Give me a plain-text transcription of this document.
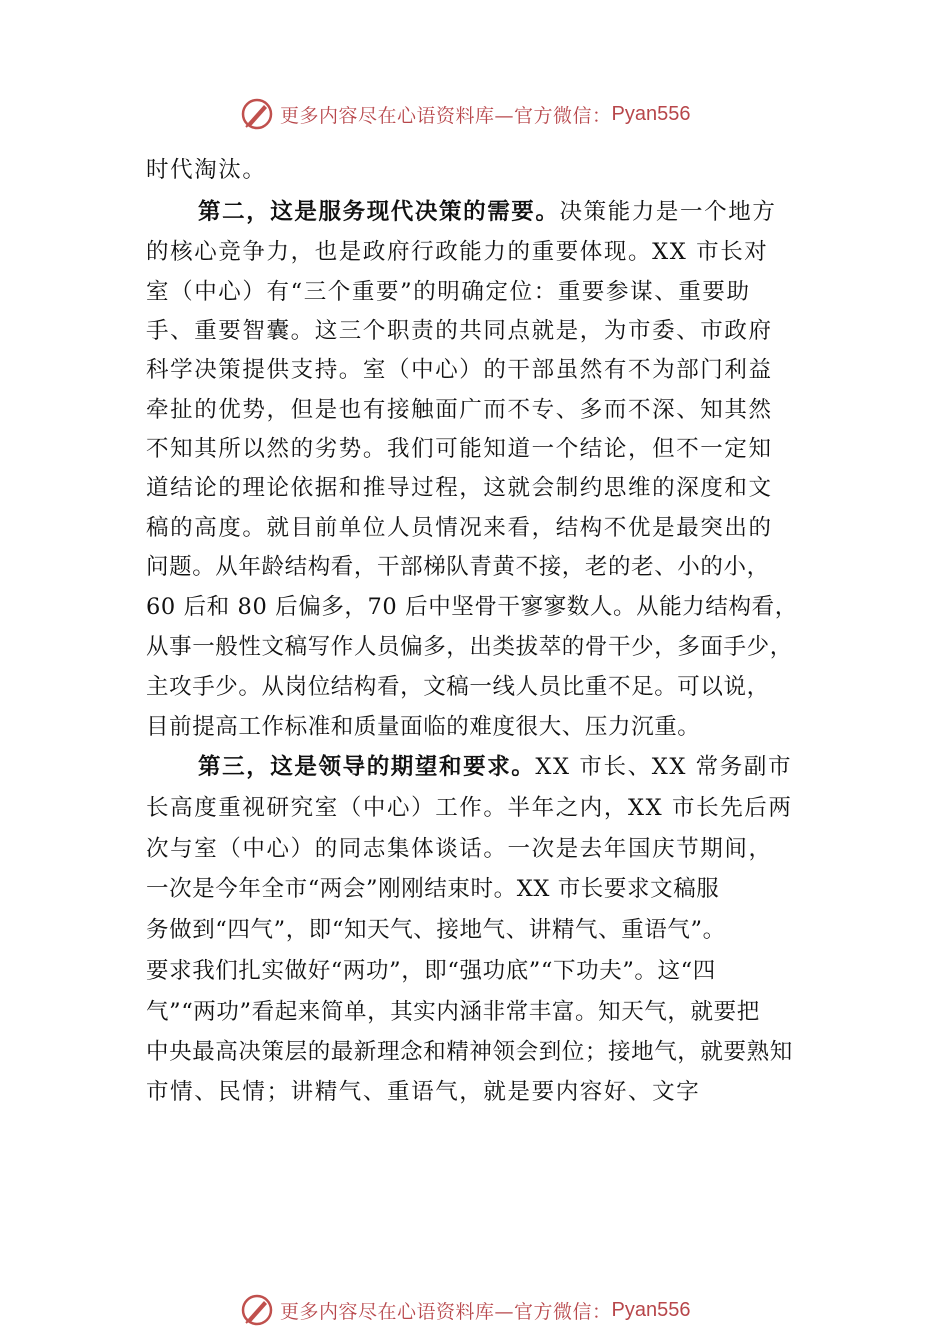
更多内容尽在心语资料库—官方微信： Pyan556
时代淘汰。
第二，这是服务现代决策的需要。决策能力是一个地方
的核心竞争力，也是政府行政能力的重要体现。XX 市长对
室（中心）有“三个重要”的明确定位：重要参谋、重要助
手、重要智囊。这三个职责的共同点就是，为市委、市政府
科学决策提供支持。室（中心）的干部虽然有不为部门利益
牵扯的优势，但是也有接触面广而不专、多而不深、知其然
不知其所以然的劣势。我们可能知道一个结论，但不一定知
道结论的理论依据和推导过程，这就会制约思维的深度和文
稿的高度。就目前单位人员情况来看，结构不优是最突出的
问题。从年龄结构看，干部梯队青黄不接，老的老、小的小，
60 后和 80 后偏多，70 后中坚骨干寥寥数人。从能力结构看，
从事一般性文稿写作人员偏多，出类拔萃的骨干少，多面手少，
主攻手少。从岗位结构看，文稿一线人员比重不足。可以说，
目前提高工作标准和质量面临的难度很大、压力沉重。
第三，这是领导的期望和要求。XX 市长、XX 常务副市
长高度重视研究室（中心）工作。半年之内，XX 市长先后两
次与室（中心）的同志集体谈话。一次是去年国庆节期间，
一次是今年全市“两会”刚刚结束时。XX 市长要求文稿服
务做到“四气”，即“知天气、接地气、讲精气、重语气”。
要求我们扎实做好“两功”，即“强功底”“下功夫”。这“四
气”“两功”看起来简单，其实内涵非常丰富。知天气，就要把
中央最高决策层的最新理念和精神领会到位；接地气，就要熟知
市情、民情；讲精气、重语气，就是要内容好、文字
更多内容尽在心语资料库—官方微信： Pyan556
